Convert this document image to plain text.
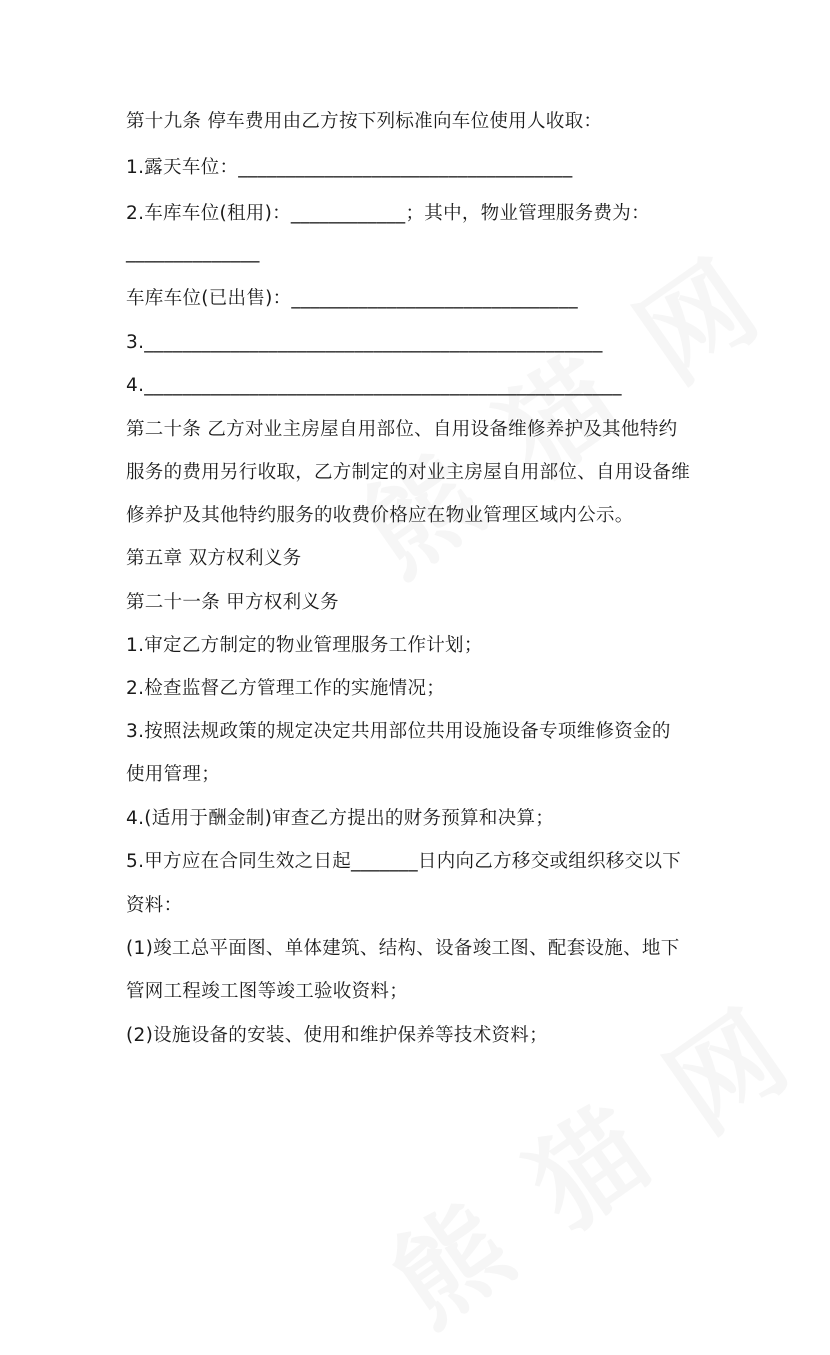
第十九条 停车费用由乙方按下列标准向车位使用人收取：
1.露天车位：___________________________________
2.车库车位(租用)：____________；其中，物业管理服务费为：
______________
车库车位(已出售)：______________________________
3.________________________________________________
4.__________________________________________________
第二十条 乙方对业主房屋自用部位、自用设备维修养护及其他特约
服务的费用另行收取，乙方制定的对业主房屋自用部位、自用设备维
修养护及其他特约服务的收费价格应在物业管理区域内公示。
第五章 双方权利义务
第二十一条 甲方权利义务
1.审定乙方制定的物业管理服务工作计划；
2.检查监督乙方管理工作的实施情况；
3.按照法规政策的规定决定共用部位共用设施设备专项维修资金的
使用管理；
4.(适用于酬金制)审查乙方提出的财务预算和决算；
5.甲方应在合同生效之日起_______日内向乙方移交或组织移交以下
资料：
(1)竣工总平面图、单体建筑、结构、设备竣工图、配套设施、地下
管网工程竣工图等竣工验收资料；
(2)设施设备的安装、使用和维护保养等技术资料；
